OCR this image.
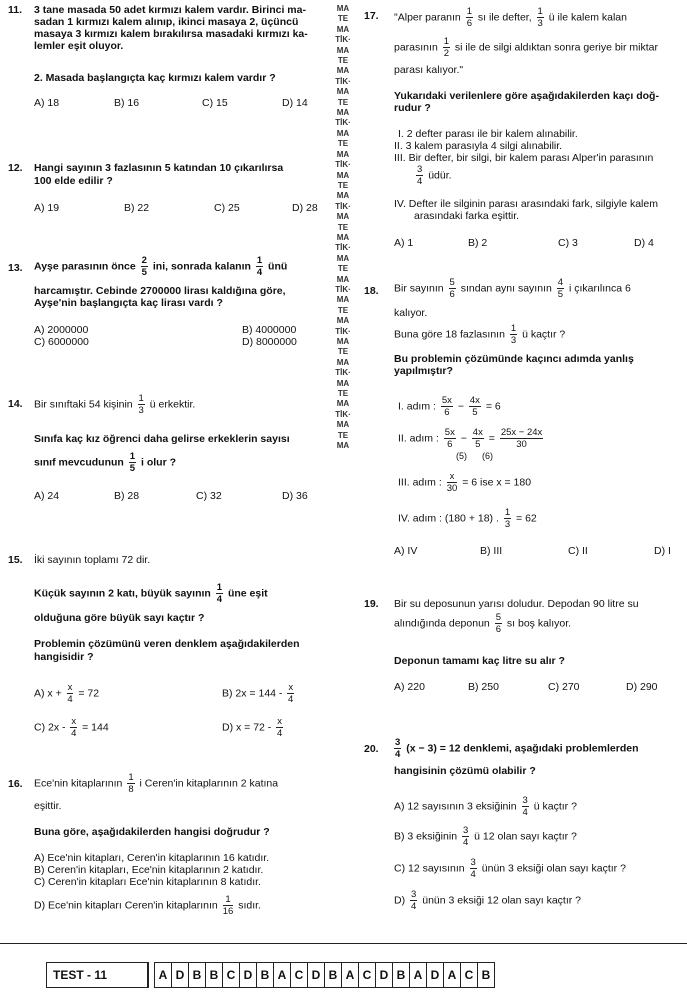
11. 3 tane masada 50 adet kırmızı kalem vardır. Birinci ma-
sadan 1 kırmızı kalem alınıp, ikinci masaya 2, üçüncü
masaya 3 kırmızı kalem bırakılırsa masadaki kırmızı ka-
lemler eşit oluyor.
2. Masada başlangıçta kaç kırmızı kalem vardır ?
A) 18	B) 16	C) 15	D) 14
12. Hangi sayının 3 fazlasının 5 katından 10 çıkarılırsa
100 elde edilir ?
A) 19	B) 22	C) 25	D) 28
13. Ayşe parasının önce $\frac{2}{5}$ ini, sonrada kalanın $\frac{1}{4}$ ünü
harcamıştır. Cebinde 2700000 lirası kaldığına göre,
Ayşe'nin başlangıçta kaç lirası vardı ?
A) 2000000	B) 4000000
C) 6000000	D) 8000000
14. Bir sınıftaki 54 kişinin $\frac{1}{3}$ ü erkektir.
Sınıfa kaç kız öğrenci daha gelirse erkeklerin sayısı
sınıf mevcudunun $\frac{1}{5}$ i olur ?
A) 24	B) 28	C) 32	D) 36
15. İki sayının toplamı 72 dir.
Küçük sayının 2 katı, büyük sayının $\frac{1}{4}$ üne eşit
olduğuna göre büyük sayı kaçtır ?
Problemin çözümünü veren denklem aşağıdakilerden
hangisidir ?
A) $x + \frac{x}{4} = 72$	B) $2x = 144 - \frac{x}{4}$
C) $2x - \frac{x}{4} = 144$	D) $x = 72 - \frac{x}{4}$
16. Ece'nin kitaplarının $\frac{1}{8}$ i Ceren'in kitaplarının 2 katına
eşittir.
Buna göre, aşağıdakilerden hangisi doğrudur ?
A) Ece'nin kitapları, Ceren'in kitaplarının 16 katıdır.
B) Ceren'in kitapları, Ece'nin kitaplarının 2 katıdır.
C) Ceren'in kitapları Ece'nin kitaplarının 8 katıdır.
D) Ece'nin kitapları Ceren'in kitaplarının $\frac{1}{16}$ sıdır.
MATEMATİK·MATEMATİK·MATEMATİK·MATEMATİK·MATEMATİK·MATEMATİK·MATEMATİK·MATEMATİK·MATEMATİK·MATEMATİK·MATEMA
17. "Alper paranın $\frac{1}{6}$ sı ile defter, $\frac{1}{3}$ ü ile kalem kalan
parasının $\frac{1}{2}$ si ile de silgi aldıktan sonra geriye bir miktar
parası kalıyor."
Yukarıdaki verilenlere göre aşağıdakilerden kaçı doğ-
rudur ?
I. 2 defter parası ile bir kalem alınabilir.
II. 3 kalem parasıyla 4 silgi alınabilir.
III. Bir defter, bir silgi, bir kalem parası Alper'in parasının
$\frac{3}{4}$ üdür.
IV. Defter ile silginin parası arasındaki fark, silgiyle kalem
arasındaki farka eşittir.
A) 1	B) 2	C) 3	D) 4
18. Bir sayının $\frac{5}{6}$ sından aynı sayının $\frac{4}{5}$ i çıkarılınca 6
kalıyor.
Buna göre 18 fazlasının $\frac{1}{3}$ ü kaçtır ?
Bu problemin çözümünde kaçıncı adımda yanlış
yapılmıştır?
I. adım : $\frac{5x}{6} - \frac{4x}{5} = 6$
II. adım : $\frac{5x}{6} - \frac{4x}{5} = \frac{25x - 24x}{30}$
(5) (6)
III. adım : $\frac{x}{30} = 6$ ise x = 180
IV. adım : (180 + 18) . $\frac{1}{3} = 62$
A) IV	B) III	C) II	D) I
19. Bir su deposunun yarısı doludur. Depodan 90 litre su
alındığında deponun $\frac{5}{6}$ sı boş kalıyor.
Deponun tamamı kaç litre su alır ?
A) 220	B) 250	C) 270	D) 290
20. $\frac{3}{4} (x - 3) = 12$ denklemi, aşağıdaki problemlerden
hangisinin çözümü olabilir ?
A) 12 sayısının 3 eksiğinin $\frac{3}{4}$ ü kaçtır ?
B) 3 eksiğinin $\frac{3}{4}$ ü 12 olan sayı kaçtır ?
C) 12 sayısının $\frac{3}{4}$ ünün 3 eksiği olan sayı kaçtır ?
$D) \frac{3}{4}$ ünün 3 eksiği 12 olan sayı kaçtır ?
TEST - 11	A D B B C D B A C D B A C D B A D A C B
